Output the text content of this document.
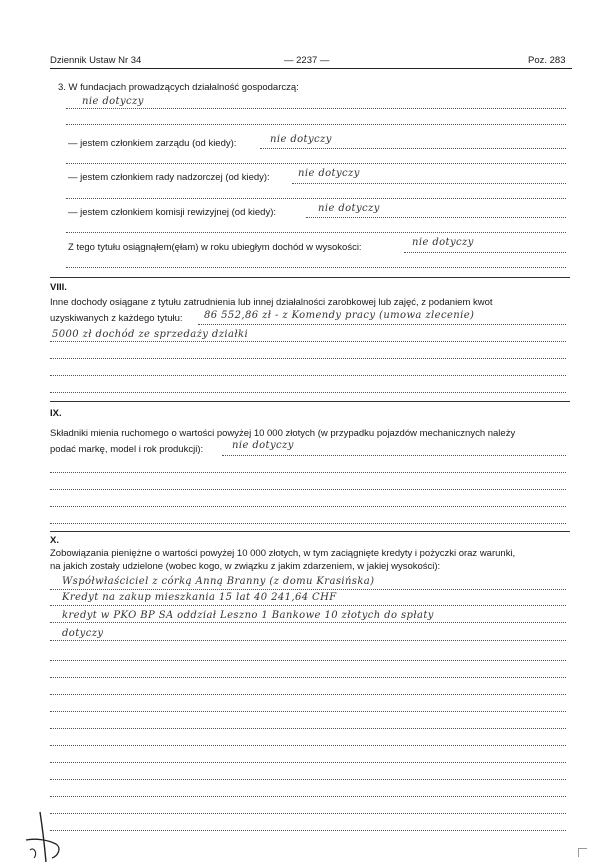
Dziennik Ustaw Nr 34	— 2237 —	Poz. 283
3. W fundacjach prowadzących działalność gospodarczą:
nie dotyczy
— jestem członkiem zarządu (od kiedy):	nie dotyczy
— jestem członkiem rady nadzorczej (od kiedy):	nie dotyczy
— jestem członkiem komisji rewizyjnej (od kiedy):	nie dotyczy
Z tego tytułu osiągnąłem(ęłam) w roku ubiegłym dochód w wysokości:	nie dotyczy
VIII.
Inne dochody osiągane z tytułu zatrudnienia lub innej działalności zarobkowej lub zajęć, z podaniem kwot
uzyskiwanych z każdego tytułu: 86 552,86 zł - z Komendy pracy (umowa zlecenie)
5000 zł dochód ze sprzedaży działki
IX.
Składniki mienia ruchomego o wartości powyżej 10 000 złotych (w przypadku pojazdów mechanicznych należy
podać markę, model i rok produkcji):	nie dotyczy
X.
Zobowiązania pieniężne o wartości powyżej 10 000 złotych, w tym zaciągnięte kredyty i pożyczki oraz warunki,
na jakich zostały udzielone (wobec kogo, w związku z jakim zdarzeniem, w jakiej wysokości):
Współwłaściciel z córką Anną Branny (z domu Krasińska)
Kredyt na zakup mieszkania 15 lat 40 241,64 CHF
kredyt w PKO BP SA oddział Leszno 1 Bankowe 10 złotych do spłaty
dotyczy
